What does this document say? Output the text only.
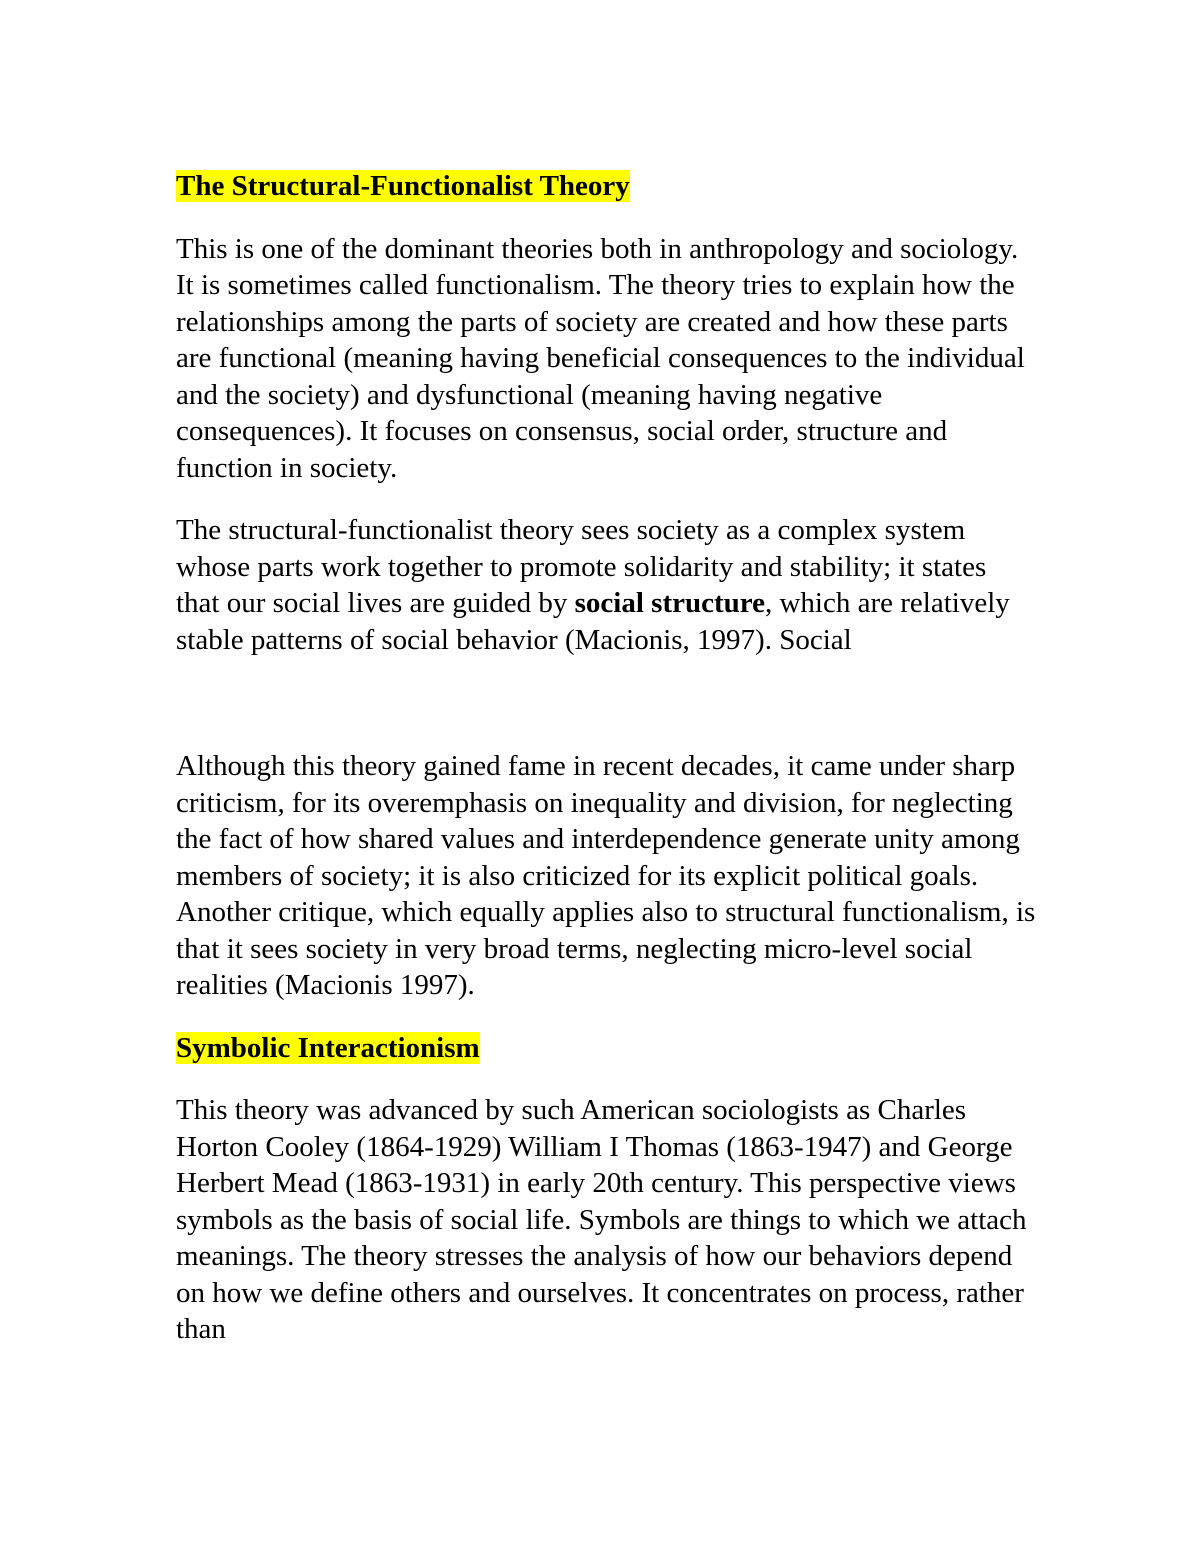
The Structural-Functionalist Theory

This is one of the dominant theories both in anthropology and sociology. It is sometimes called functionalism. The theory tries to explain how the relationships among the parts of society are created and how these parts are functional (meaning having beneficial consequences to the individual and the society) and dysfunctional (meaning having negative consequences). It focuses on consensus, social order, structure and function in society.

The structural-functionalist theory sees society as a complex system whose parts work together to promote solidarity and stability; it states that our social lives are guided by social structure, which are relatively stable patterns of social behavior (Macionis, 1997). Social

Although this theory gained fame in recent decades, it came under sharp criticism, for its overemphasis on inequality and division, for neglecting the fact of how shared values and interdependence generate unity among members of society; it is also criticized for its explicit political goals. Another critique, which equally applies also to structural functionalism, is that it sees society in very broad terms, neglecting micro-level social realities (Macionis 1997).

Symbolic Interactionism

This theory was advanced by such American sociologists as Charles Horton Cooley (1864-1929) William I Thomas (1863-1947) and George Herbert Mead (1863-1931) in early 20th century. This perspective views symbols as the basis of social life. Symbols are things to which we attach meanings. The theory stresses the analysis of how our behaviors depend on how we define others and ourselves. It concentrates on process, rather than
